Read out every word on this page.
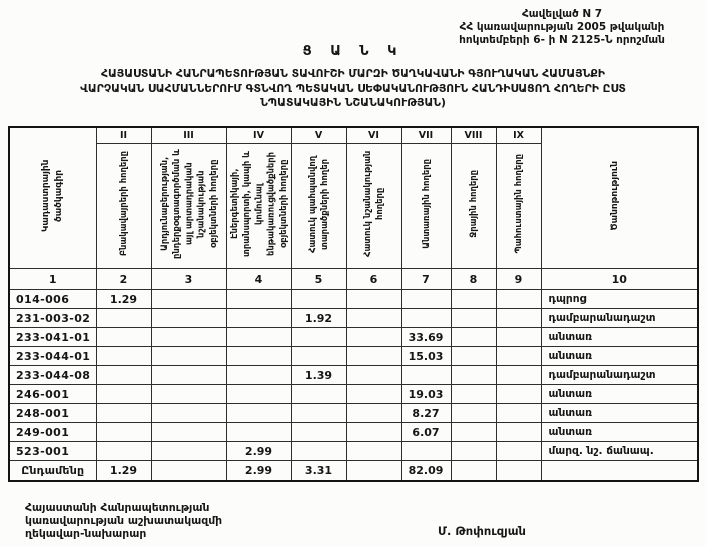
Հավելված N 7
ՀՀ կառավարության 2005 թվականի
հոկտեմբերի 6- ի N 2125-Ն որոշման
Ց Ա Ն Կ
ՀԱՅԱՍՏԱՆԻ ՀԱՆՐԱՊԵՏՈՒԹՅԱՆ ՏԱՎՈՒՇԻ ՄԱՐԶԻ ԾԱՂԿԱՎԱՆԻ ԳՅՈՒՂԱԿԱՆ ՀԱՄԱՅՆՔԻ
ՎԱՐՉԱԿԱՆ ՍԱՀՄԱՆՆԵՐՈՒՄ ԳՏՆՎՈՂ ՊԵՏԱԿԱՆ ՍԵՓԱԿԱՆՈՒԹՅՈՒՆ ՀԱՆԴԻՍԱՑՈՂ ՀՈՂԵՐԻ ԸՍՏ
ՆՊԱՏԱԿԱՅԻՆ ՆՇԱՆԱԿՈՒԹՅԱՆ)
Կադաստրային ծածկագիր	II	III	IV	V	VI	VII	VIII	IX	Ծանոթություն
	Բնակավայրերի հողերը	Արդյունաբերության, ընդերքօգտագործման և այլ արտադրական նշանակության օբյեկտների հողերը	Էներգետիկայի, տրանսպորտի, կապի և կոմունալ ենթակառուցվածքների օբյեկտների հողերը	Հատուկ պահպանվող տարածքների հողեր	Հատուկ նշանակության հողերը	Անտառային հողերը	Ջրային հողերը	Պահուստային հողերը	
1	2	3	4	5	6	7	8	9	10
014-006	1.29								դպրոց
231-003-02				1.92					դամբարանադաշտ
233-041-01						33.69			անտառ
233-044-01						15.03			անտառ
233-044-08				1.39					դամբարանադաշտ
246-001						19.03			անտառ
248-001						8.27			անտառ
249-001						6.07			անտառ
523-001			2.99						մարզ. նշ. ճանապ.
Ընդամենը	1.29		2.99	3.31		82.09			
Հայաստանի Հանրապետության
կառավարության աշխատակազմի
ղեկավար-նախարար	Մ. Թոփուզյան
